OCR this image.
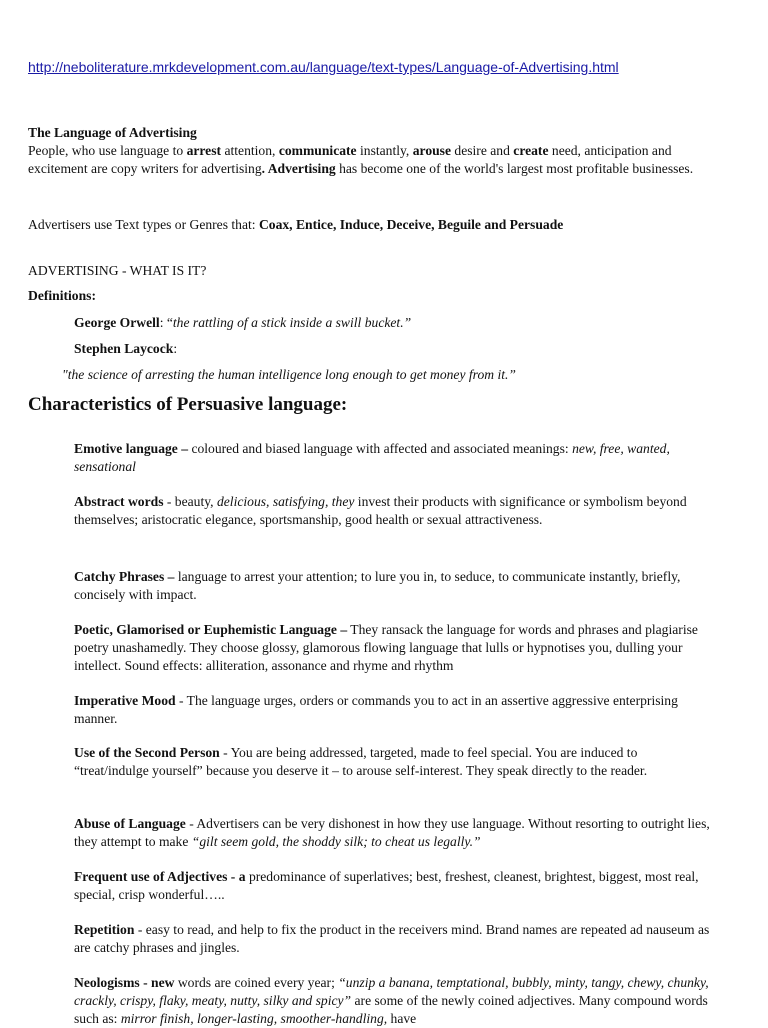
http://neboliterature.mrkdevelopment.com.au/language/text-types/Language-of-Advertising.html
The Language of Advertising
People, who use language to arrest attention, communicate instantly, arouse desire and create need, anticipation and excitement are copy writers for advertising. Advertising has become one of the world's largest most profitable businesses.
Advertisers use Text types or Genres that: Coax, Entice, Induce, Deceive, Beguile and Persuade
ADVERTISING - WHAT IS IT?
Definitions:
George Orwell: “the rattling of a stick inside a swill bucket.”
Stephen Laycock:
"the science of arresting the human intelligence long enough to get money from it.”
Characteristics of Persuasive language:
Emotive language – coloured and biased language with affected and associated meanings: new, free, wanted, sensational
Abstract words - beauty, delicious, satisfying, they invest their products with significance or symbolism beyond themselves; aristocratic elegance, sportsmanship, good health or sexual attractiveness.
Catchy Phrases – language to arrest your attention; to lure you in, to seduce, to communicate instantly, briefly, concisely with impact.
Poetic, Glamorised or Euphemistic Language – They ransack the language for words and phrases and plagiarise poetry unashamedly. They choose glossy, glamorous flowing language that lulls or hypnotises you, dulling your intellect. Sound effects: alliteration, assonance and rhyme and rhythm
Imperative Mood - The language urges, orders or commands you to act in an assertive aggressive enterprising manner.
Use of the Second Person - You are being addressed, targeted, made to feel special. You are induced to “treat/indulge yourself” because you deserve it – to arouse self-interest. They speak directly to the reader.
Abuse of Language - Advertisers can be very dishonest in how they use language. Without resorting to outright lies, they attempt to make “gilt seem gold, the shoddy silk; to cheat us legally.”
Frequent use of Adjectives - a predominance of superlatives; best, freshest, cleanest, brightest, biggest, most real, special, crisp wonderful…..
Repetition - easy to read, and help to fix the product in the receivers mind. Brand names are repeated ad nauseum as are catchy phrases and jingles.
Neologisms - new words are coined every year; “unzip a banana, temptational, bubbly, minty, tangy, chewy, chunky, crackly, crispy, flaky, meaty, nutty, silky and spicy” are some of the newly coined adjectives. Many compound words such as: mirror finish, longer-lasting, smoother-handling, have
